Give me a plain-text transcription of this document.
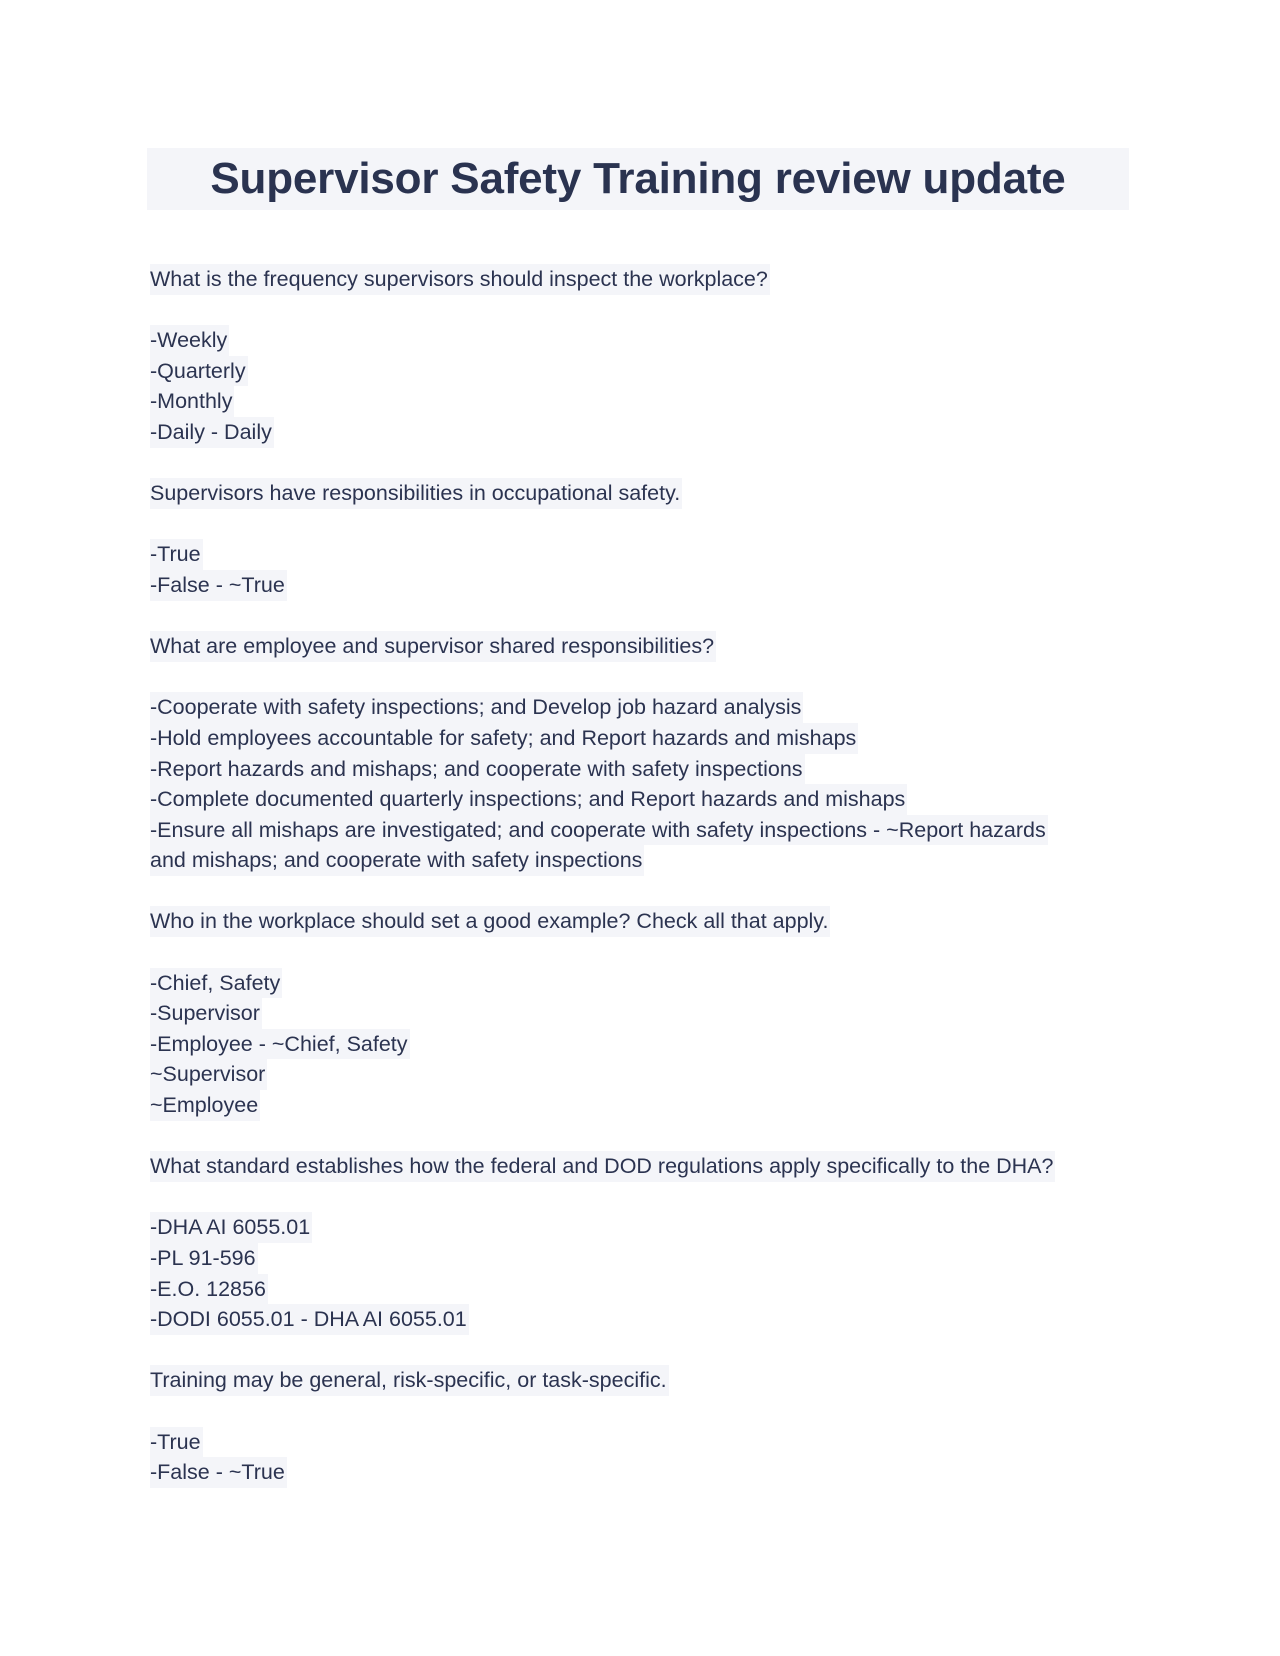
Supervisor Safety Training review update
What is the frequency supervisors should inspect the workplace?
-Weekly
-Quarterly
-Monthly
-Daily - Daily
Supervisors have responsibilities in occupational safety.
-True
-False - ~True
What are employee and supervisor shared responsibilities?
-Cooperate with safety inspections; and Develop job hazard analysis
-Hold employees accountable for safety; and Report hazards and mishaps
-Report hazards and mishaps; and cooperate with safety inspections
-Complete documented quarterly inspections; and Report hazards and mishaps
-Ensure all mishaps are investigated; and cooperate with safety inspections - ~Report hazards
and mishaps; and cooperate with safety inspections
Who in the workplace should set a good example? Check all that apply.
-Chief, Safety
-Supervisor
-Employee - ~Chief, Safety
~Supervisor
~Employee
What standard establishes how the federal and DOD regulations apply specifically to the DHA?
-DHA AI 6055.01
-PL 91-596
-E.O. 12856
-DODI 6055.01 - DHA AI 6055.01
Training may be general, risk-specific, or task-specific.
-True
-False - ~True
